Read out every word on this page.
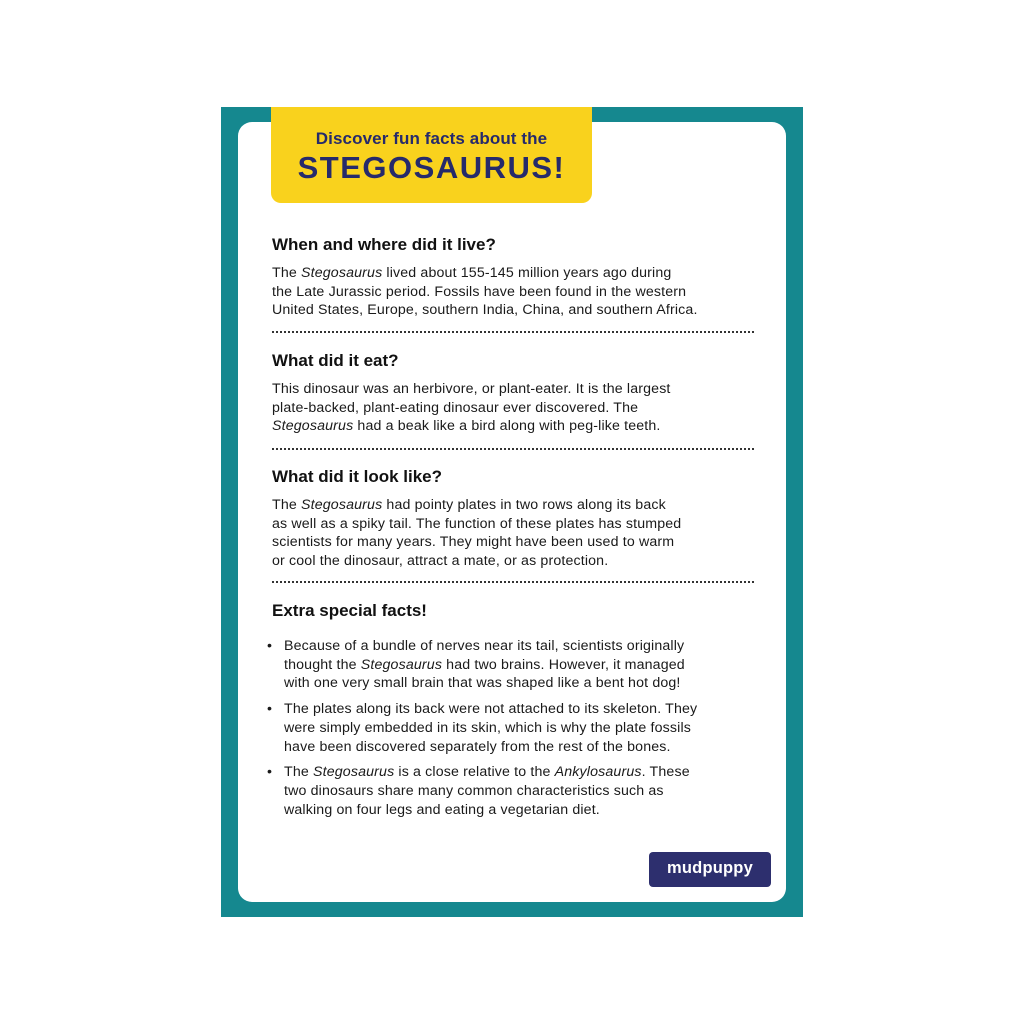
Discover fun facts about the
STEGOSAURUS!
When and where did it live?

The Stegosaurus lived about 155-145 million years ago during
the Late Jurassic period. Fossils have been found in the western
United States, Europe, southern India, China, and southern Africa.

What did it eat?

This dinosaur was an herbivore, or plant-eater. It is the largest
plate-backed, plant-eating dinosaur ever discovered. The
Stegosaurus had a beak like a bird along with peg-like teeth.

What did it look like?

The Stegosaurus had pointy plates in two rows along its back
as well as a spiky tail. The function of these plates has stumped
scientists for many years. They might have been used to warm
or cool the dinosaur, attract a mate, or as protection.

Extra special facts!
• Because of a bundle of nerves near its tail, scientists originally
thought the Stegosaurus had two brains. However, it managed
with one very small brain that was shaped like a bent hot dog!
• The plates along its back were not attached to its skeleton. They
were simply embedded in its skin, which is why the plate fossils
have been discovered separately from the rest of the bones.
• The Stegosaurus is a close relative to the Ankylosaurus. These
two dinosaurs share many common characteristics such as
walking on four legs and eating a vegetarian diet.
mudpuppy
